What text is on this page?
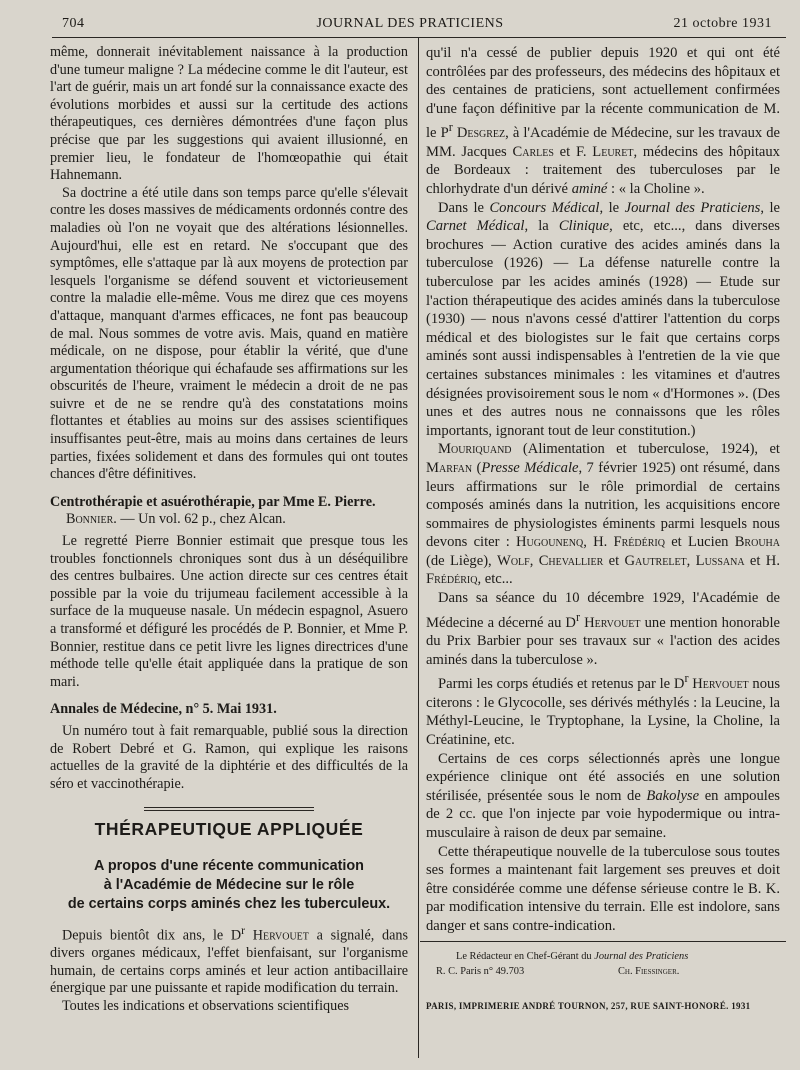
704	JOURNAL DES PRATICIENS	21 octobre 1931

même, donnerait inévitablement naissance à la production d'une tumeur maligne ? La médecine comme le dit l'auteur, est l'art de guérir, mais un art fondé sur la connaissance exacte des évolutions morbides et aussi sur la certitude des actions thérapeutiques, ces dernières démontrées d'une façon plus précise que par les suggestions qui avaient illusionné, en premier lieu, le fondateur de l'homœopathie qui était Hahnemann.

Sa doctrine a été utile dans son temps parce qu'elle s'élevait contre les doses massives de médicaments ordonnés contre des maladies où l'on ne voyait que des altérations lésionnelles. Aujourd'hui, elle est en retard. Ne s'occupant que des symptômes, elle s'attaque par là aux moyens de protection par lesquels l'organisme se défend souvent et victorieusement contre la maladie elle-même. Vous me direz que ces moyens d'attaque, manquant d'armes efficaces, ne font pas beaucoup de mal. Nous sommes de votre avis. Mais, quand en matière médicale, on ne dispose, pour établir la vérité, que d'une argumentation théorique qui échafaude ses affirmations sur les obscurités de l'heure, vraiment le médecin a droit de ne pas suivre et de ne se rendre qu'à des constatations moins flottantes et établies au moins sur des assises scientifiques insuffisantes peut-être, mais au moins dans certaines de leurs parties, fixées solidement et dans des formules qui ont toutes chances d'être définitives.

Centrothérapie et asuérothérapie, par Mme E. Pierre.

Bonnier. — Un vol. 62 p., chez Alcan.

Le regretté Pierre Bonnier estimait que presque tous les troubles fonctionnels chroniques sont dus à un déséquilibre des centres bulbaires. Une action directe sur ces centres était possible par la voie du trijumeau facilement accessible à la surface de la muqueuse nasale. Un médecin espagnol, Asuero a transformé et défiguré les procédés de P. Bonnier, et Mme P. Bonnier, restitue dans ce petit livre les lignes directrices d'une méthode telle qu'elle était appliquée dans la pratique de son mari.

Annales de Médecine, n° 5. Mai 1931.

Un numéro tout à fait remarquable, publié sous la direction de Robert Debré et G. Ramon, qui explique les raisons actuelles de la gravité de la diphtérie et des difficultés de la séro et vaccinothérapie.

THÉRAPEUTIQUE APPLIQUÉE
A propos d'une récente communication
à l'Académie de Médecine sur le rôle
de certains corps aminés chez les tuberculeux.

Depuis bientôt dix ans, le $D^r$ Hervouet a signalé, dans divers organes médicaux, l'effet bienfaisant, sur l'organisme humain, de certains corps aminés et leur action antibacillaire énergique par une puissante et rapide modification du terrain.

Toutes les indications et observations scientifiques

qu'il n'a cessé de publier depuis 1920 et qui ont été contrôlées par des professeurs, des médecins des hôpitaux et des centaines de praticiens, sont actuellement confirmées d'une façon définitive par la récente communication de M. le $P^r$ Desgrez, à l'Académie de Médecine, sur les travaux de MM. Jacques Carles et F. Leuret, médecins des hôpitaux de Bordeaux : traitement des tuberculoses par le chlorhydrate d'un dérivé aminé : « la Choline ».

Dans le Concours Médical, le Journal des Praticiens, le Carnet Médical, la Clinique, etc, etc..., dans diverses brochures — Action curative des acides aminés dans la tuberculose (1926) — La défense naturelle contre la tuberculose par les acides aminés (1928) — Etude sur l'action thérapeutique des acides aminés dans la tuberculose (1930) — nous n'avons cessé d'attirer l'attention du corps médical et des biologistes sur le fait que certains corps aminés sont aussi indispensables à l'entretien de la vie que certaines substances minimales : les vitamines et d'autres désignées provisoirement sous le nom « d'Hormones ». (Des unes et des autres nous ne connaissons que les rôles importants, ignorant tout de leur constitution.)

Mouriquand (Alimentation et tuberculose, 1924), et Marfan (Presse Médicale, 7 février 1925) ont résumé, dans leurs affirmations sur le rôle primordial de certains composés aminés dans la nutrition, les acquisitions encore sommaires de physiologistes éminents parmi lesquels nous devons citer : Hugounenq, H. Frédériq et Lucien Brouha (de Liège), Wolf, Chevallier et Gautrelet, Lussana et H. Frédériq, etc...

Dans sa séance du 10 décembre 1929, l'Académie de Médecine a décerné au $D^r$ Hervouet une mention honorable du Prix Barbier pour ses travaux sur « l'action des acides aminés dans la tuberculose ».

Parmi les corps étudiés et retenus par le $D^r$ Hervouet nous citerons : le Glycocolle, ses dérivés méthylés : la Leucine, la Méthyl-Leucine, le Tryptophane, la Lysine, la Choline, la Créatinine, etc.

Certains de ces corps sélectionnés après une longue expérience clinique ont été associés en une solution stérilisée, présentée sous le nom de Bakolyse en ampoules de 2 cc. que l'on injecte par voie hypodermique ou intra-musculaire à raison de deux par semaine.

Cette thérapeutique nouvelle de la tuberculose sous toutes ses formes a maintenant fait largement ses preuves et doit être considérée comme une défense sérieuse contre le B. K. par modification intensive du terrain. Elle est indolore, sans danger et sans contre-indication.

Le Rédacteur en Chef-Gérant du Journal des Praticiens
R. C. Paris n° 49.703	Ch. Fiessinger.
PARIS, IMPRIMERIE ANDRÉ TOURNON, 257, RUE SAINT-HONORÉ. 1931
